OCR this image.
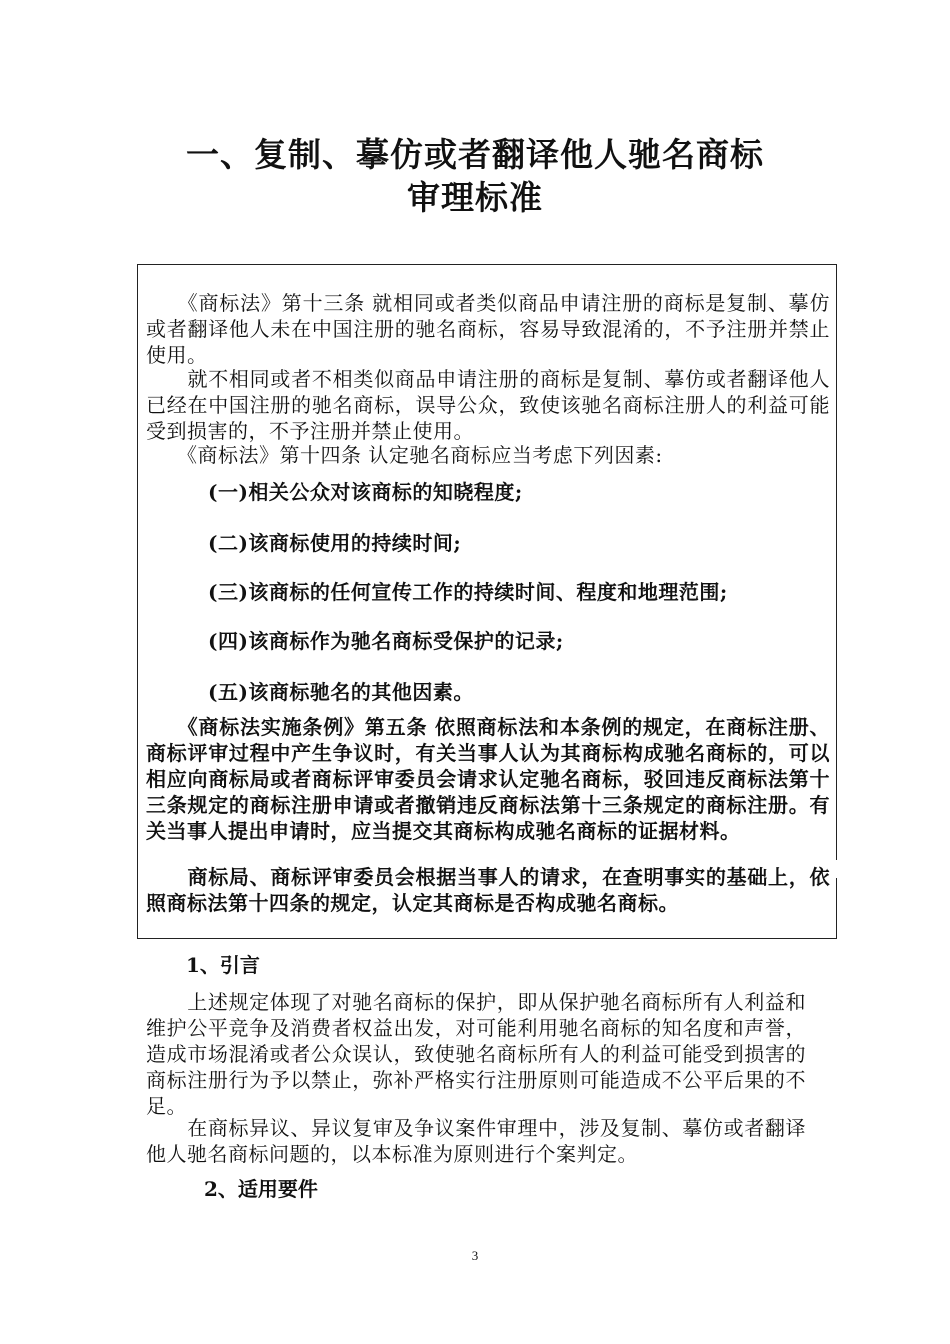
一、复制、摹仿或者翻译他人驰名商标
审理标准

　　《商标法》第十三条 就相同或者类似商品申请注册的商标是复制、摹仿或者翻译他人未在中国注册的驰名商标，容易导致混淆的，不予注册并禁止使用。

　　就不相同或者不相类似商品申请注册的商标是复制、摹仿或者翻译他人已经在中国注册的驰名商标，误导公众，致使该驰名商标注册人的利益可能受到损害的，不予注册并禁止使用。

　　《商标法》第十四条 认定驰名商标应当考虑下列因素:

(一)相关公众对该商标的知晓程度;

(二)该商标使用的持续时间;

(三)该商标的任何宣传工作的持续时间、程度和地理范围;

(四)该商标作为驰名商标受保护的记录;

(五)该商标驰名的其他因素。

　　《商标法实施条例》第五条 依照商标法和本条例的规定，在商标注册、商标评审过程中产生争议时，有关当事人认为其商标构成驰名商标的，可以相应向商标局或者商标评审委员会请求认定驰名商标，驳回违反商标法第十三条规定的商标注册申请或者撤销违反商标法第十三条规定的商标注册。有关当事人提出申请时，应当提交其商标构成驰名商标的证据材料。

　　商标局、商标评审委员会根据当事人的请求，在查明事实的基础上，依照商标法第十四条的规定，认定其商标是否构成驰名商标。

1、引言

　　上述规定体现了对驰名商标的保护，即从保护驰名商标所有人利益和维护公平竞争及消费者权益出发，对可能利用驰名商标的知名度和声誉，造成市场混淆或者公众误认，致使驰名商标所有人的利益可能受到损害的商标注册行为予以禁止，弥补严格实行注册原则可能造成不公平后果的不足。

　　在商标异议、异议复审及争议案件审理中，涉及复制、摹仿或者翻译他人驰名商标问题的，以本标准为原则进行个案判定。

2、适用要件

3
